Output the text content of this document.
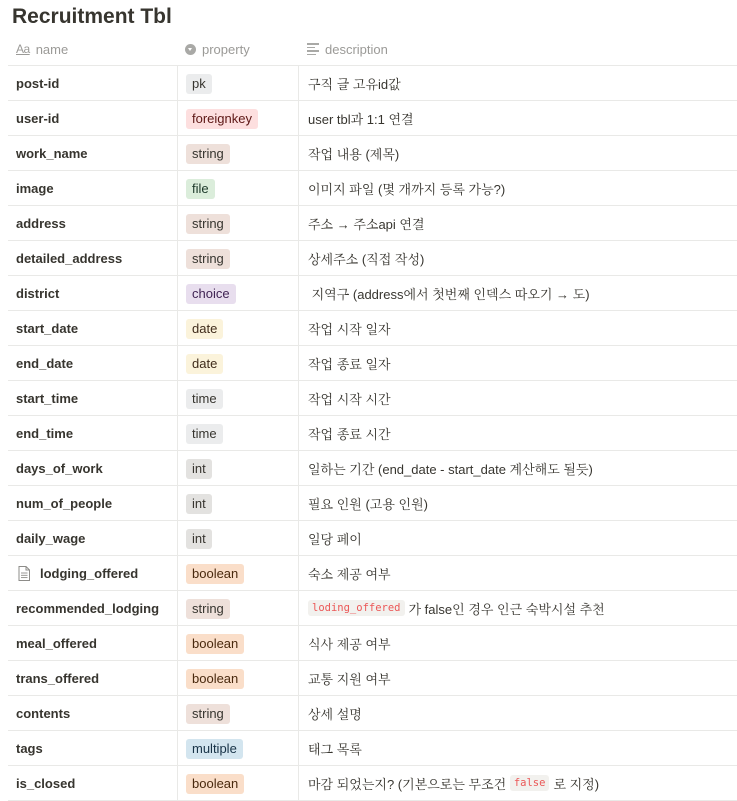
Recruitment Tbl
Aa name	property	description
post-id	pk	구직 글 고유id값
user-id	foreignkey	user tbl과 1:1 연결
work_name	string	작업 내용 (제목)
image	file	이미지 파일 (몇 개까지 등록 가능?)
address	string	주소 → 주소api 연결
detailed_address	string	상세주소 (직접 작성)
district	choice	지역구 (address에서 첫번째 인덱스 따오기 → 도)
start_date	date	작업 시작 일자
end_date	date	작업 종료 일자
start_time	time	작업 시작 시간
end_time	time	작업 종료 시간
days_of_work	int	일하는 기간 (end_date - start_date 계산해도 될듯)
num_of_people	int	필요 인원 (고용 인원)
daily_wage	int	일당 페이
lodging_offered	boolean	숙소 제공 여부
recommended_lodging	string	loding_offered 가 false인 경우 인근 숙박시설 추천
meal_offered	boolean	식사 제공 여부
trans_offered	boolean	교통 지원 여부
contents	string	상세 설명
tags	multiple	태그 목록
is_closed	boolean	마감 되었는지? (기본으로는 무조건 false 로 지정)
